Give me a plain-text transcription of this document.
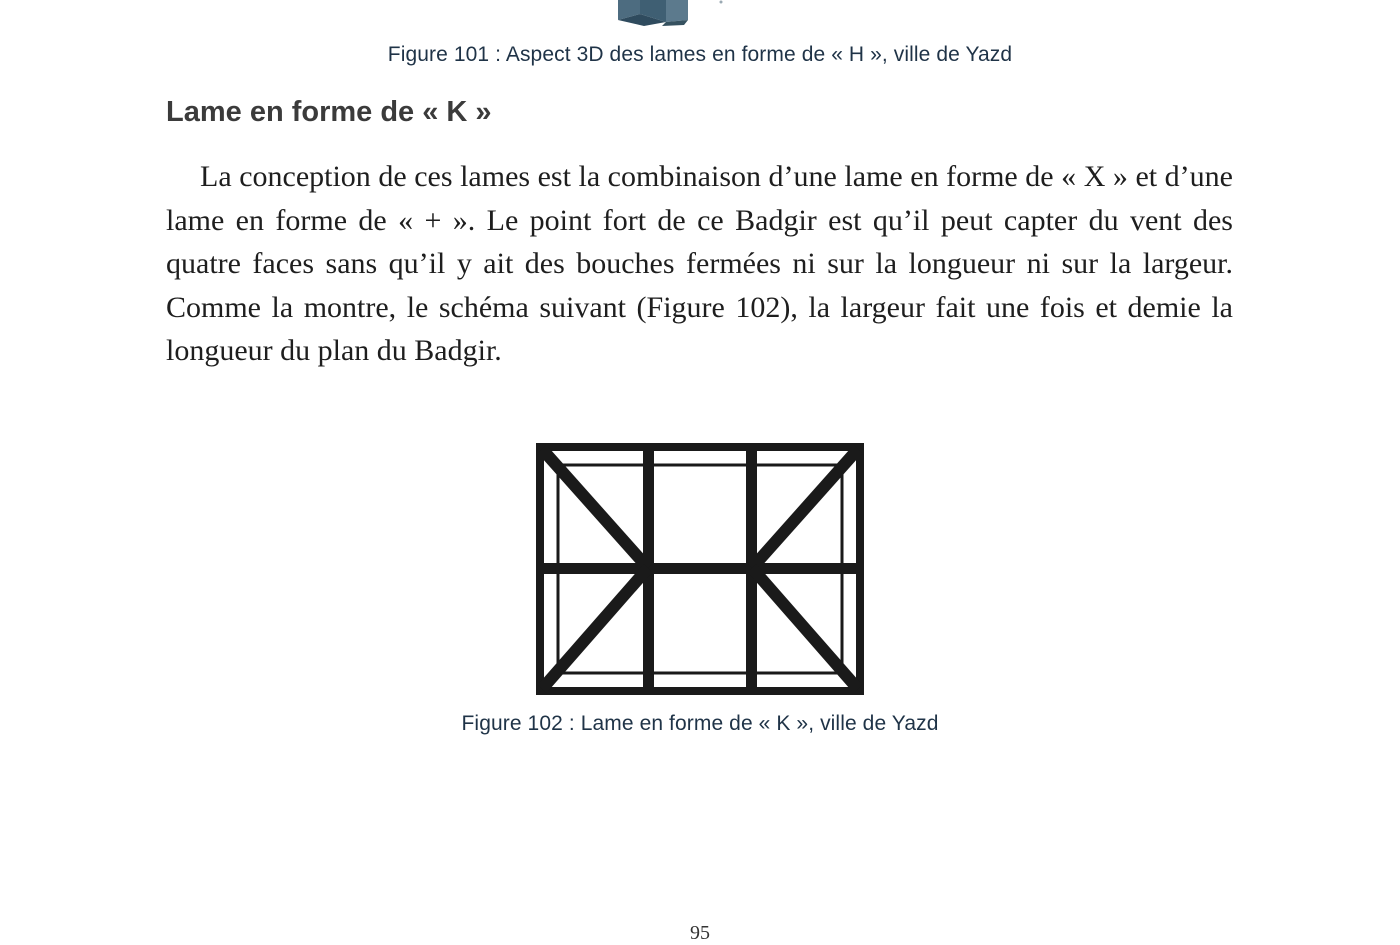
Figure 101 : Aspect 3D des lames en forme de « H », ville de Yazd
Lame en forme de « K »

La conception de ces lames est la combinaison d’une lame en forme de « X » et d’une lame en forme de « + ». Le point fort de ce Badgir est qu’il peut capter du vent des quatre faces sans qu’il y ait des bouches fermées ni sur la longueur ni sur la largeur. Comme la montre, le schéma suivant (Figure 102), la largeur fait une fois et demie la longueur du plan du Badgir.

Figure 102 : Lame en forme de « K », ville de Yazd
95
